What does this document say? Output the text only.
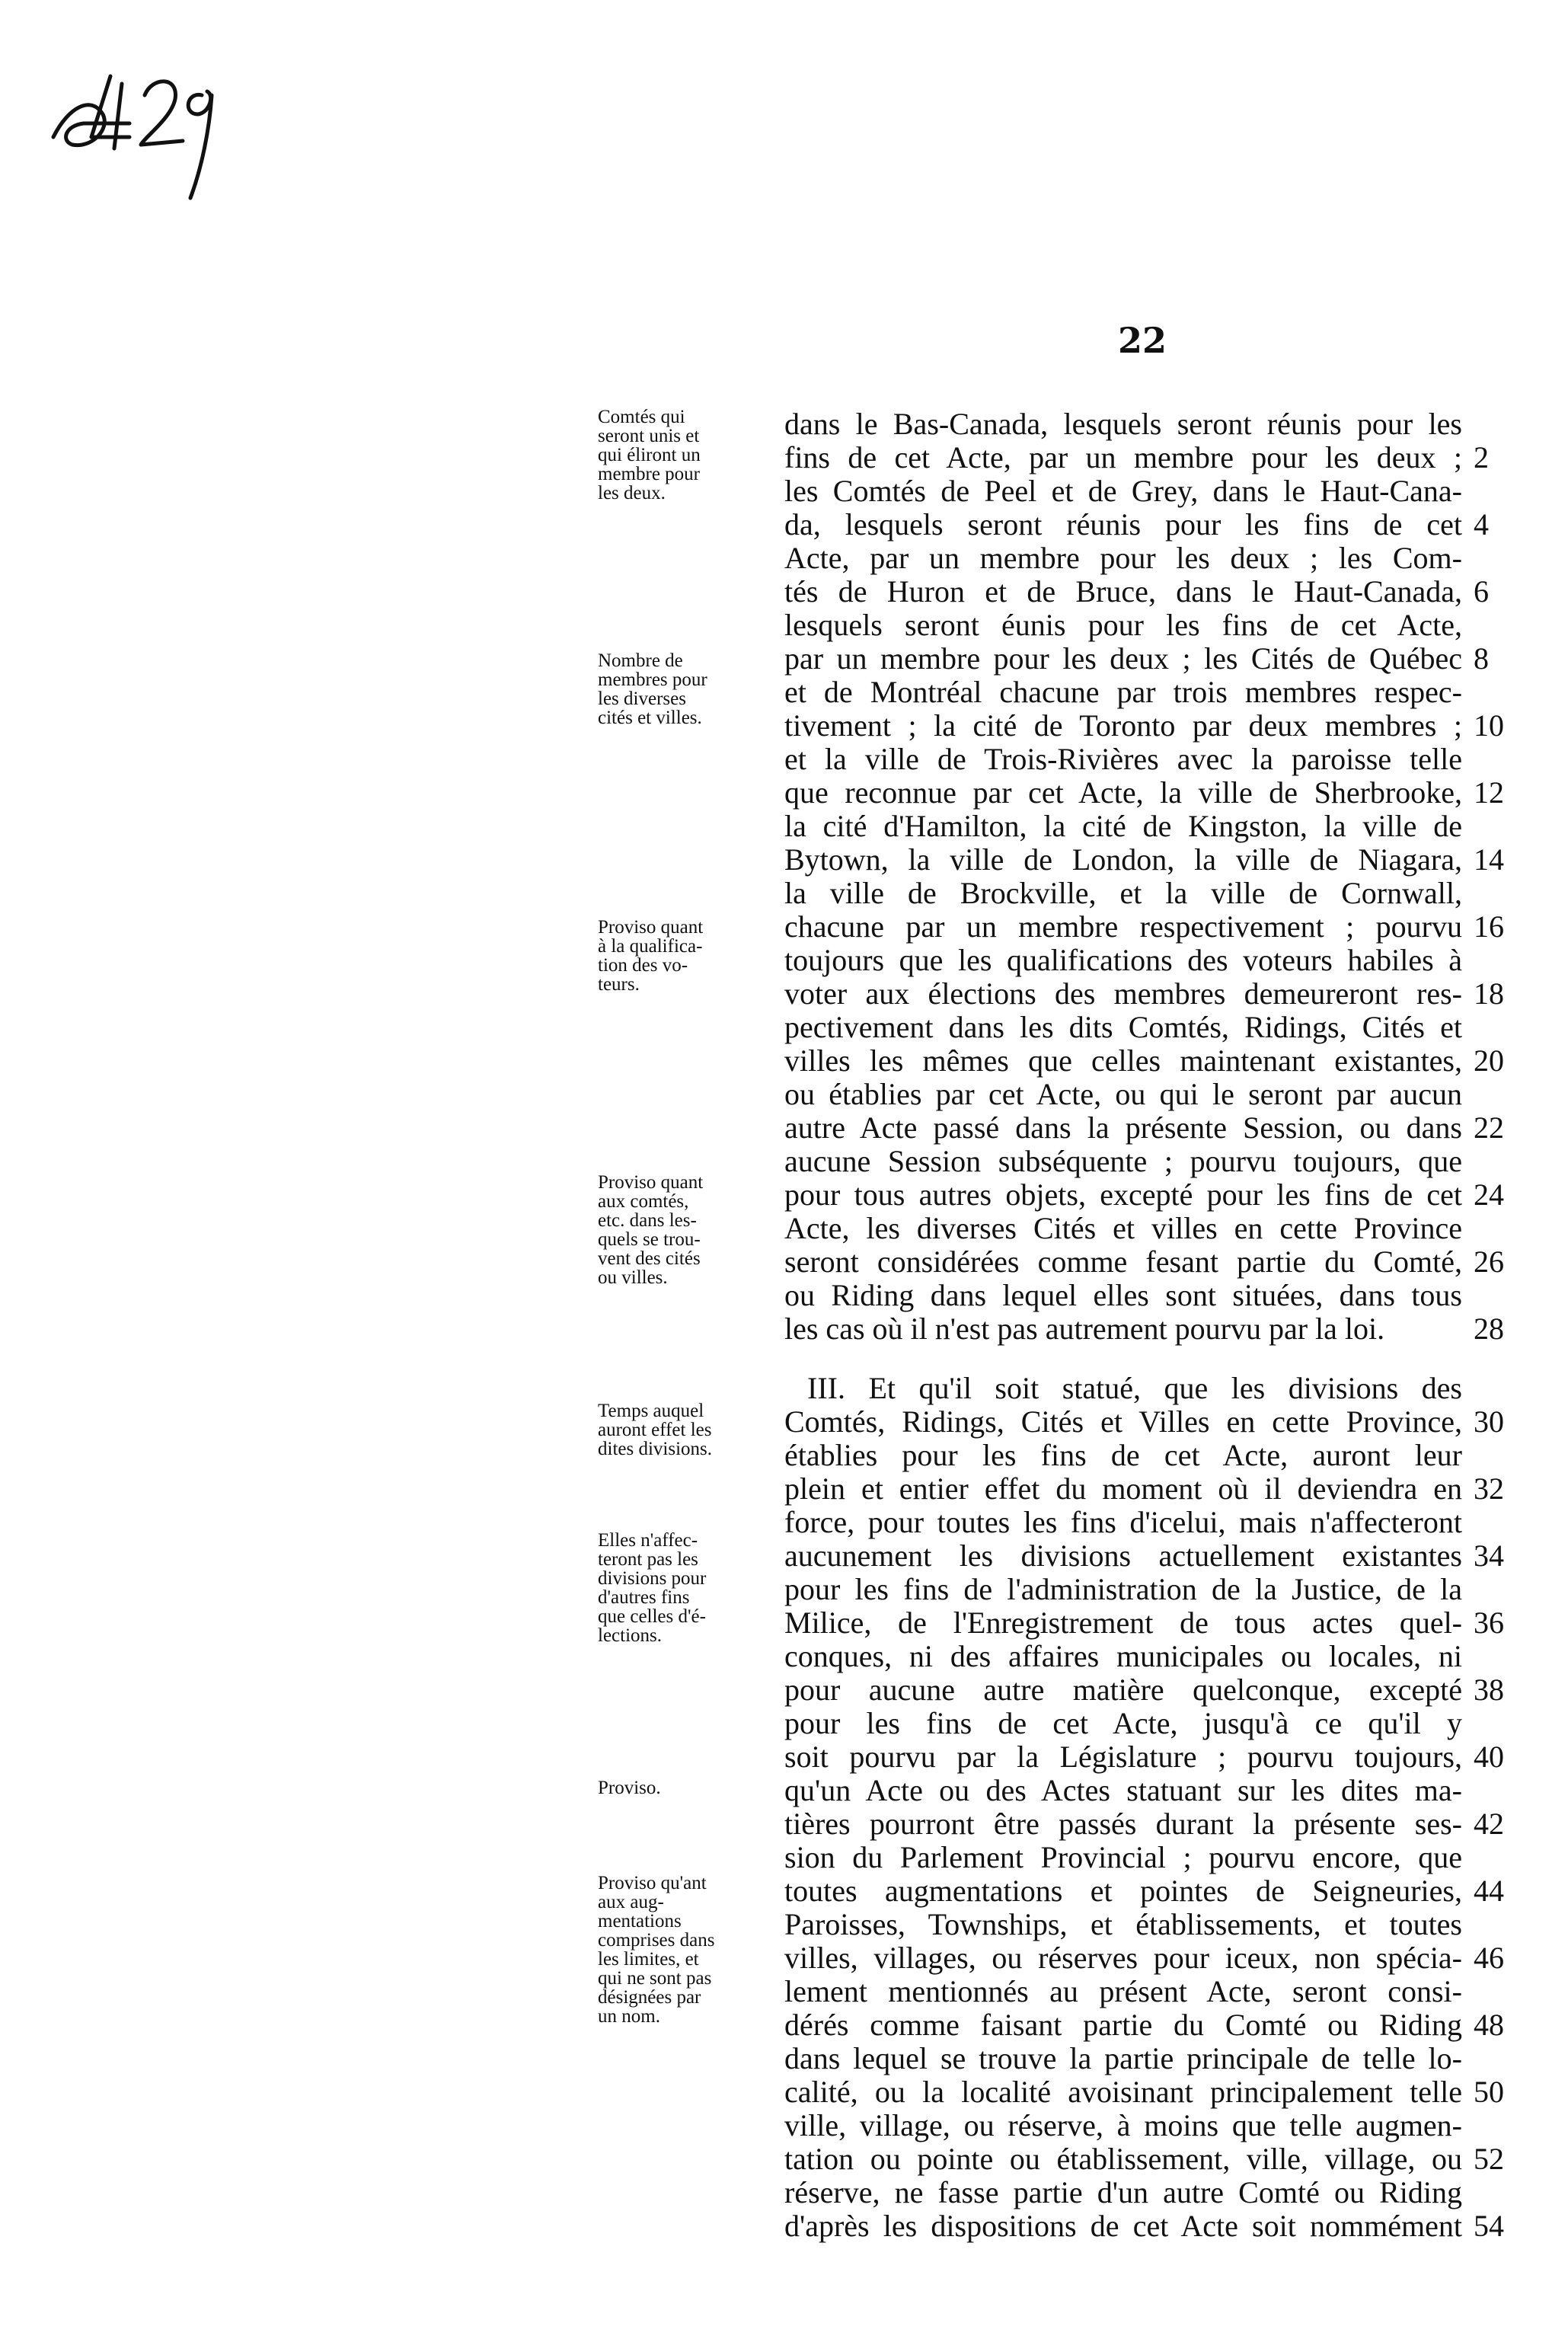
22
Comtés qui
seront unis et
qui éliront un
membre pour
les deux.
Nombre de
membres pour
les diverses
cités et villes.
Proviso quant
à la qualifica-
tion des vo-
teurs.
Proviso quant
aux comtés,
etc. dans les-
quels se trou-
vent des cités
ou villes.
Temps auquel
auront effet les
dites divisions.
Elles n'affec-
teront pas les
divisions pour
d'autres fins
que celles d'é-
lections.
Proviso.
Proviso qu'ant
aux aug-
mentations
comprises dans
les limites, et
qui ne sont pas
désignées par
un nom.
dans le Bas-Canada, lesquels seront réunis pour les
fins de cet Acte, par un membre pour les deux ;
les Comtés de Peel et de Grey, dans le Haut-Cana-
da, lesquels seront réunis pour les fins de cet
Acte, par un membre pour les deux ; les Com-
tés de Huron et de Bruce, dans le Haut-Canada,
lesquels seront éunis pour les fins de cet Acte,
par un membre pour les deux ; les Cités de Québec
et de Montréal chacune par trois membres respec-
tivement ; la cité de Toronto par deux membres ;
et la ville de Trois-Rivières avec la paroisse telle
que reconnue par cet Acte, la ville de Sherbrooke,
la cité d'Hamilton, la cité de Kingston, la ville de
Bytown, la ville de London, la ville de Niagara,
la ville de Brockville, et la ville de Cornwall,
chacune par un membre respectivement ; pourvu
toujours que les qualifications des voteurs habiles à
voter aux élections des membres demeureront res-
pectivement dans les dits Comtés, Ridings, Cités et
villes les mêmes que celles maintenant existantes,
ou établies par cet Acte, ou qui le seront par aucun
autre Acte passé dans la présente Session, ou dans
aucune Session subséquente ; pourvu toujours, que
pour tous autres objets, excepté pour les fins de cet
Acte, les diverses Cités et villes en cette Province
seront considérées comme fesant partie du Comté,
ou Riding dans lequel elles sont situées, dans tous
les cas où il n'est pas autrement pourvu par la loi.
III. Et qu'il soit statué, que les divisions des
Comtés, Ridings, Cités et Villes en cette Province,
établies pour les fins de cet Acte, auront leur
plein et entier effet du moment où il deviendra en
force, pour toutes les fins d'icelui, mais n'affecteront
aucunement les divisions actuellement existantes
pour les fins de l'administration de la Justice, de la
Milice, de l'Enregistrement de tous actes quel-
conques, ni des affaires municipales ou locales, ni
pour aucune autre matière quelconque, excepté
pour les fins de cet Acte, jusqu'à ce qu'il y
soit pourvu par la Législature ; pourvu toujours,
qu'un Acte ou des Actes statuant sur les dites ma-
tières pourront être passés durant la présente ses-
sion du Parlement Provincial ; pourvu encore, que
toutes augmentations et pointes de Seigneuries,
Paroisses, Townships, et établissements, et toutes
villes, villages, ou réserves pour iceux, non spécia-
lement mentionnés au présent Acte, seront consi-
dérés comme faisant partie du Comté ou Riding
dans lequel se trouve la partie principale de telle lo-
calité, ou la localité avoisinant principalement telle
ville, village, ou réserve, à moins que telle augmen-
tation ou pointe ou établissement, ville, village, ou
réserve, ne fasse partie d'un autre Comté ou Riding
d'après les dispositions de cet Acte soit nommément
2
4
6
8
10
12
14
16
18
20
22
24
26
28
30
32
34
36
38
40
42
44
46
48
50
52
54
